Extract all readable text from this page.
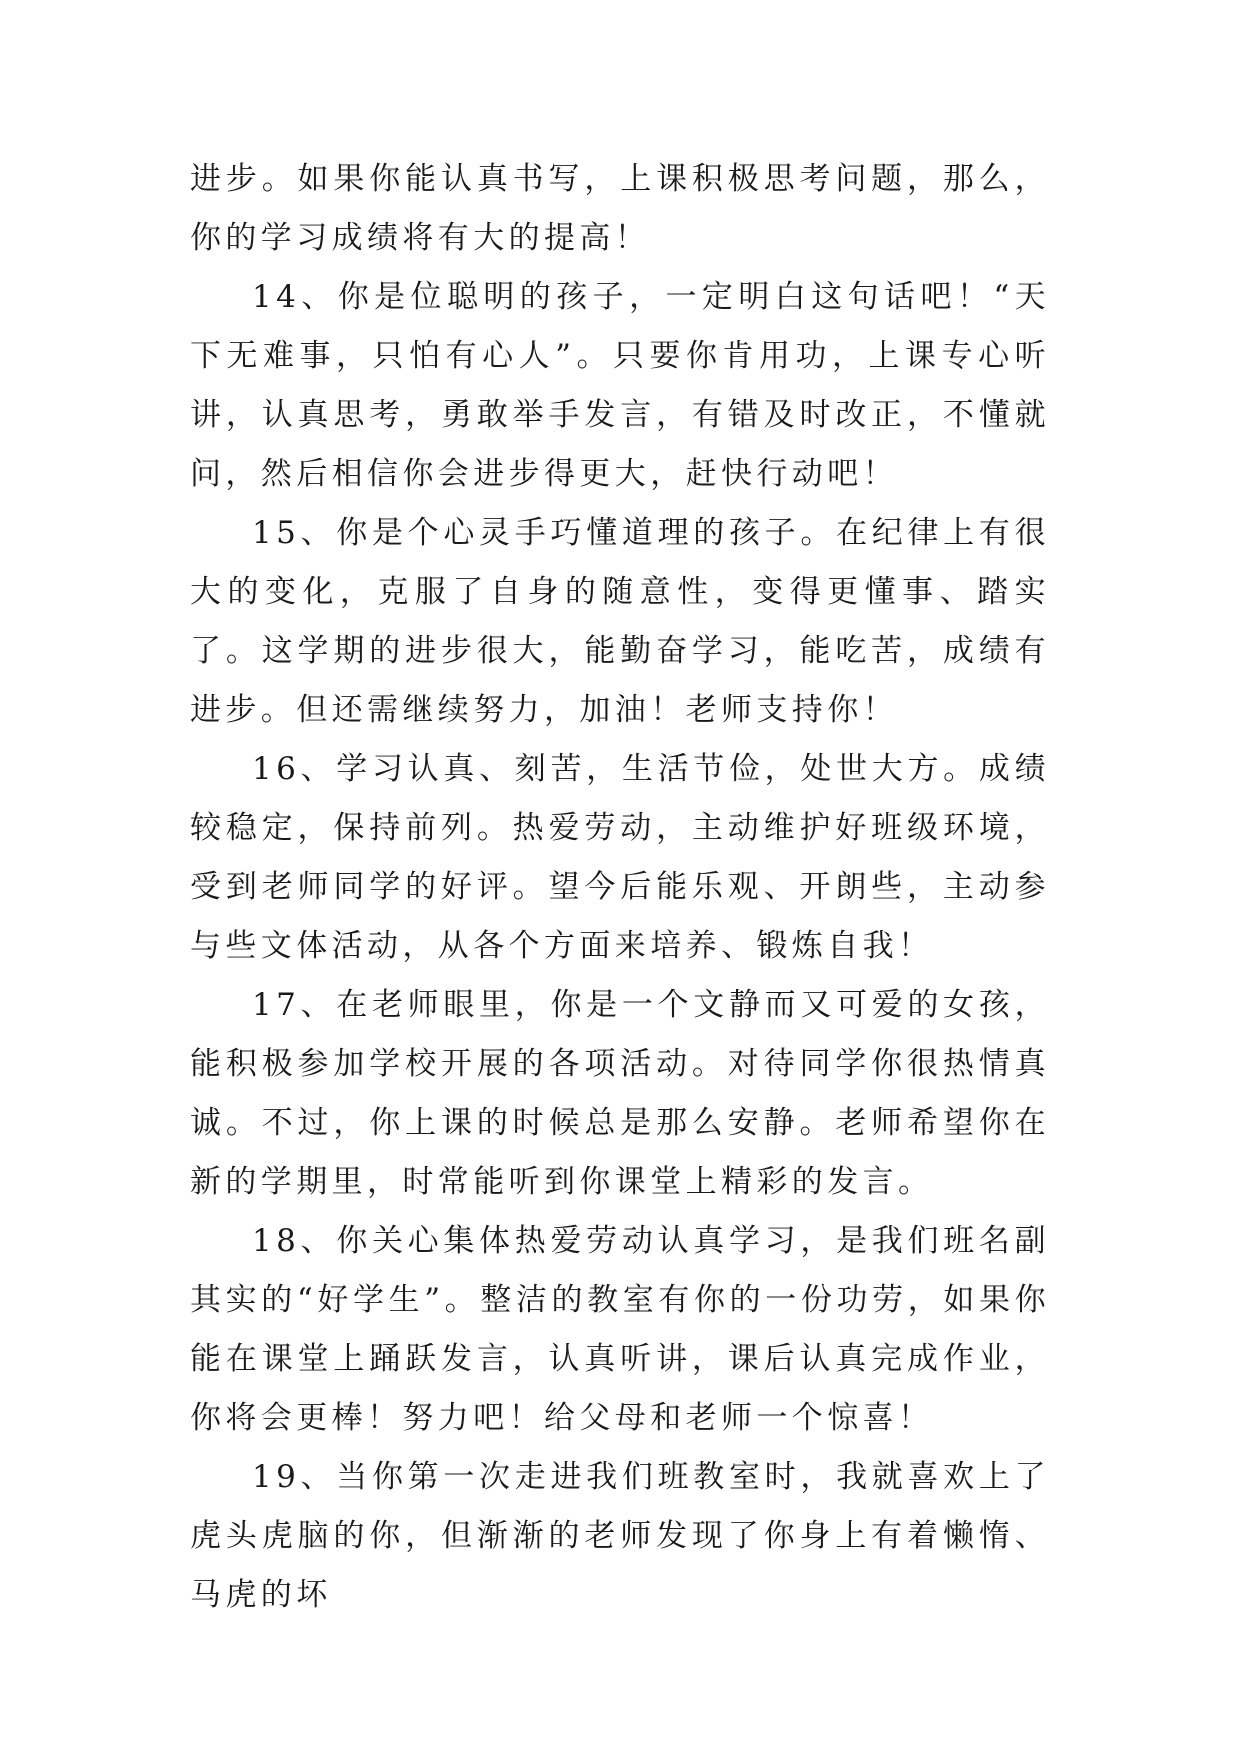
进步。如果你能认真书写，上课积极思考问题，那么，你的学习成绩将有大的提高！

14、你是位聪明的孩子，一定明白这句话吧！“天下无难事，只怕有心人”。只要你肯用功，上课专心听讲，认真思考，勇敢举手发言，有错及时改正，不懂就问，然后相信你会进步得更大，赶快行动吧！

15、你是个心灵手巧懂道理的孩子。在纪律上有很大的变化，克服了自身的随意性，变得更懂事、踏实了。这学期的进步很大，能勤奋学习，能吃苦，成绩有进步。但还需继续努力，加油！老师支持你！

16、学习认真、刻苦，生活节俭，处世大方。成绩较稳定，保持前列。热爱劳动，主动维护好班级环境，受到老师同学的好评。望今后能乐观、开朗些，主动参与些文体活动，从各个方面来培养、锻炼自我！

17、在老师眼里，你是一个文静而又可爱的女孩，能积极参加学校开展的各项活动。对待同学你很热情真诚。不过，你上课的时候总是那么安静。老师希望你在新的学期里，时常能听到你课堂上精彩的发言。

18、你关心集体热爱劳动认真学习，是我们班名副其实的“好学生”。整洁的教室有你的一份功劳，如果你能在课堂上踊跃发言，认真听讲，课后认真完成作业，你将会更棒！努力吧！给父母和老师一个惊喜！

19、当你第一次走进我们班教室时，我就喜欢上了虎头虎脑的你，但渐渐的老师发现了你身上有着懒惰、马虎的坏
